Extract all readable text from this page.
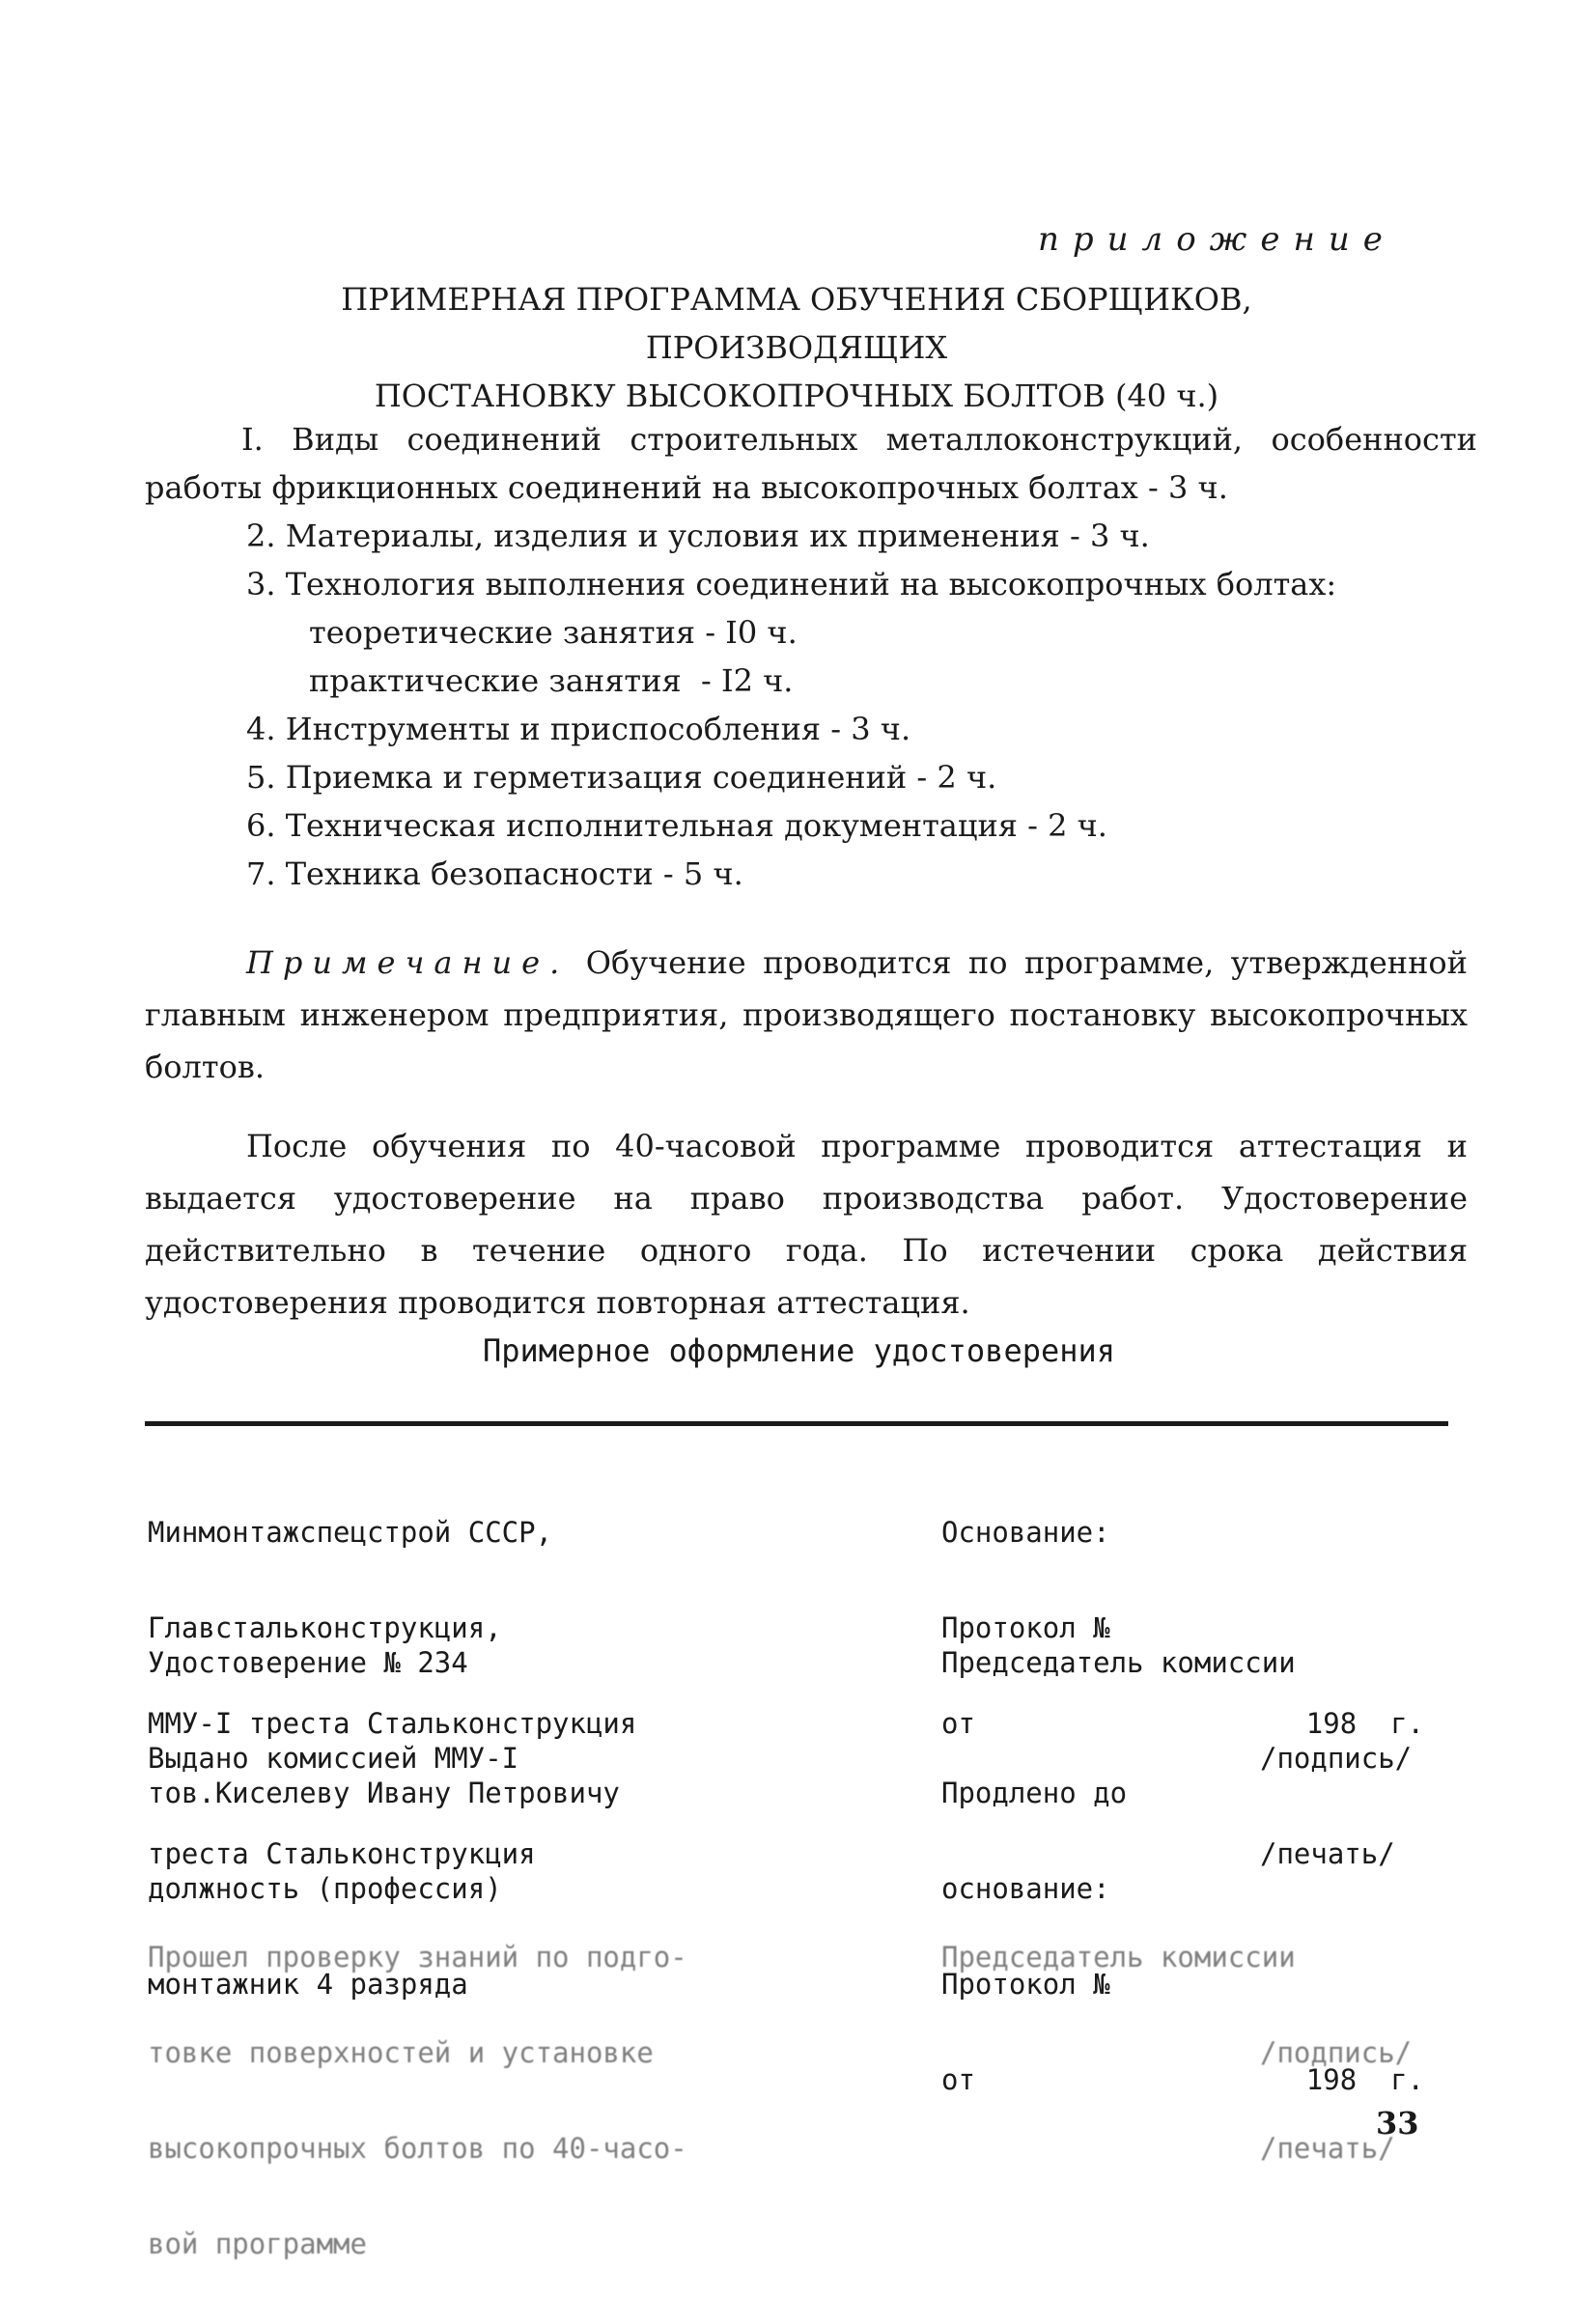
приложение
ПРИМЕРНАЯ ПРОГРАММА ОБУЧЕНИЯ СБОРЩИКОВ, ПРОИЗВОДЯЩИХ
ПОСТАНОВКУ ВЫСОКОПРОЧНЫХ БОЛТОВ (40 ч.)

I. Виды соединений строительных металлоконструкций, особенности работы фрикционных соединений на высокопрочных болтах - 3 ч.

2. Материалы, изделия и условия их применения - 3 ч.

3. Технология выполнения соединений на высокопрочных болтах:

теоретические занятия - I0 ч.

практические занятия  - I2 ч.

4. Инструменты и приспособления - 3 ч.

5. Приемка и герметизация соединений - 2 ч.

6. Техническая исполнительная документация - 2 ч.

7. Техника безопасности - 5 ч.

Примечание. Обучение проводится по программе, утвержденной главным инженером предприятия, производящего постановку высокопрочных болтов.

После обучения по 40-часовой программе проводится аттестация и выдается удостоверение на право производства работ. Удостоверение действительно в течение одного года. По истечении срока действия удостоверения проводится повторная аттестация.

Примерное оформление удостоверения

Минмонтажспецстрой СССР,

Главстальконструкция,

ММУ-I треста Стальконструкция

Основание:

Протокол №

от	198  г.

Удостоверение № 234

Выдано комиссией ММУ-I

треста Стальконструкция

Председатель комиссии

/подпись/

/печать/

тов.Киселеву Ивану Петровичу

должность (профессия)

монтажник 4 разряда

Продлено до

основание:

Протокол №

от	198  г.

Прошел проверку знаний по подго-

товке поверхностей и установке

высокопрочных болтов по 40-часо-

вой программе

Председатель комиссии

/подпись/

/печать/

33
